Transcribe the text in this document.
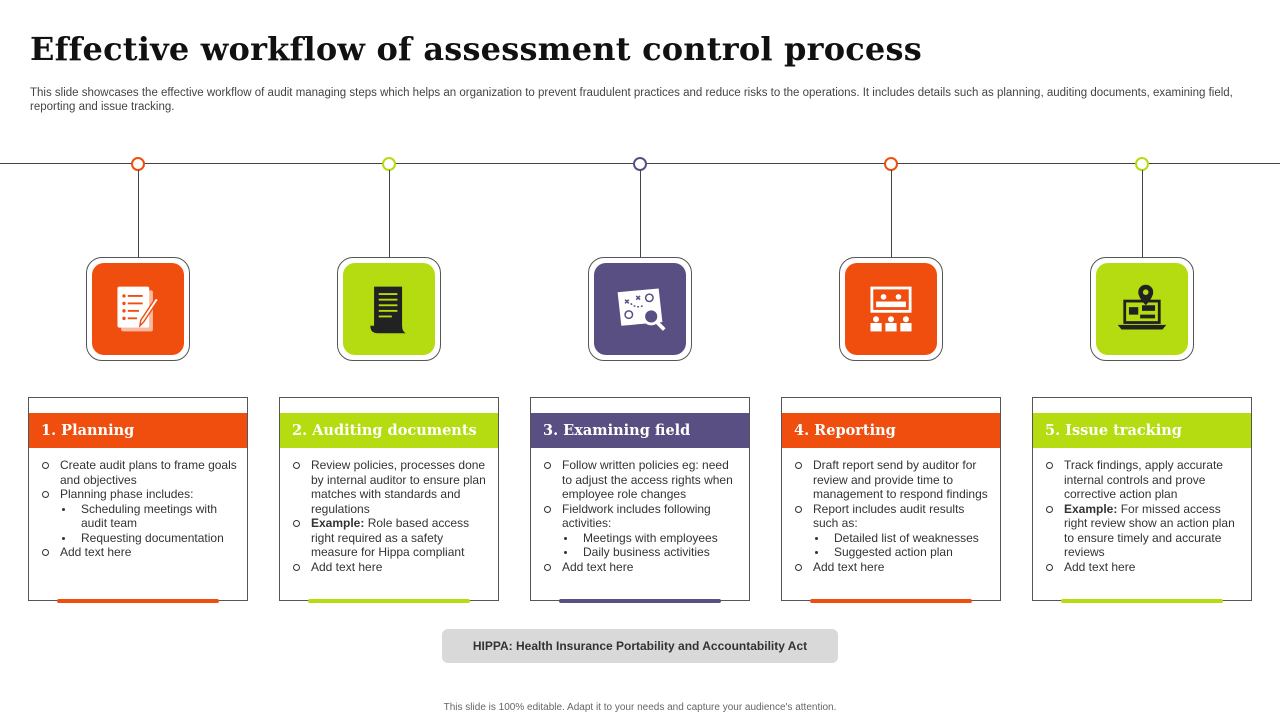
Effective workflow of assessment control process

This slide showcases the effective workflow of audit managing steps which helps an organization to prevent fraudulent practices and reduce risks to the operations. It includes details such as planning, auditing documents, examining field, reporting and issue tracking.

1. Planning
Create audit plans to frame goals and objectives
Planning phase includes:
Scheduling meetings with audit team
Requesting documentation
Add text here
2. Auditing documents
Review policies, processes done by internal auditor to ensure plan matches with standards and regulations
Example: Role based access right required as a safety measure for Hippa compliant
Add text here
3. Examining field
Follow written policies eg: need to adjust the access rights when employee role changes
Fieldwork includes following activities:
Meetings with employees
Daily business activities
Add text here
4. Reporting
Draft report send by auditor for review and provide time to management to respond findings
Report includes audit results such as:
Detailed list of weaknesses
Suggested action plan
Add text here
5. Issue tracking
Track findings, apply accurate internal controls and prove corrective action plan
Example: For missed access right review show an action plan to ensure timely and accurate reviews
Add text here
HIPPA: Health Insurance Portability and Accountability Act
This slide is 100% editable. Adapt it to your needs and capture your audience's attention.
